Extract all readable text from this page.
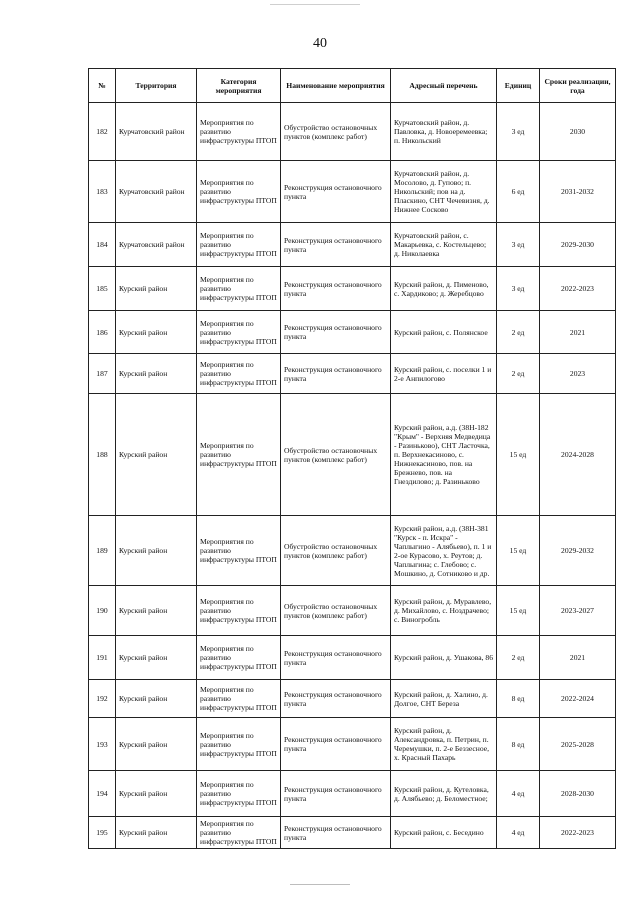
40
№	Территория	Категория мероприятия	Наименование мероприятия	Адресный перечень	Единиц	Сроки реализации, года
182	Курчатовский район	Мероприятия по развитию инфраструктуры ПТОП	Обустройство остановочных пунктов (комплекс работ)	Курчатовский район, д. Павловка, д. Новоеремеевка; п. Никольский	3 ед	2030
183	Курчатовский район	Мероприятия по развитию инфраструктуры ПТОП	Реконструкция остановочного пункта	Курчатовский район, д. Мосолово, д. Гупово; п. Никольский; пов на д. Пласкино, СНТ Чечевизня, д. Нижнее Сосково	6 ед	2031-2032
184	Курчатовский район	Мероприятия по развитию инфраструктуры ПТОП	Реконструкция остановочного пункта	Курчатовский район, с. Макарьевка, с. Костельцево; д. Николаевка	3 ед	2029-2030
185	Курский район	Мероприятия по развитию инфраструктуры ПТОП	Реконструкция остановочного пункта	Курский район, д. Пименово, с. Хардиково; д. Жеребцово	3 ед	2022-2023
186	Курский район	Мероприятия по развитию инфраструктуры ПТОП	Реконструкция остановочного пункта	Курский район, с. Полянское	2 ед	2021
187	Курский район	Мероприятия по развитию инфраструктуры ПТОП	Реконструкция остановочного пункта	Курский район, с. поселки 1 и 2-е Анпилогово	2 ед	2023
188	Курский район	Мероприятия по развитию инфраструктуры ПТОП	Обустройство остановочных пунктов (комплекс работ)	Курский район, а.д. (38Н-182 "Крым" - Верхняя Медведица - Разиньково), СНТ Ласточка, п. Верхнекасиново, с. Нижнекасиново, пов. на Брежнево, пов. на Гнездилово; д. Разиньково	15 ед	2024-2028
189	Курский район	Мероприятия по развитию инфраструктуры ПТОП	Обустройство остановочных пунктов (комплекс работ)	Курский район, а.д. (38Н-381 "Курск - п. Искра" - Чаплыгино - Алябьево), п. 1 и 2-ое Курасово, х. Реутов; д. Чаплыгина; с. Глебово; с. Мошкино, д. Сотниково и др.	15 ед	2029-2032
190	Курский район	Мероприятия по развитию инфраструктуры ПТОП	Обустройство остановочных пунктов (комплекс работ)	Курский район, д. Муравлево, д. Михайлово, с. Ноздрачево; с. Виногробль	15 ед	2023-2027
191	Курский район	Мероприятия по развитию инфраструктуры ПТОП	Реконструкция остановочного пункта	Курский район, д. Ушакова, 86	2 ед	2021
192	Курский район	Мероприятия по развитию инфраструктуры ПТОП	Реконструкция остановочного пункта	Курский район, д. Халино, д. Долгое, СНТ Береза	8 ед	2022-2024
193	Курский район	Мероприятия по развитию инфраструктуры ПТОП	Реконструкция остановочного пункта	Курский район, д. Александровка, п. Петрин, п. Черемушки, п. 2-е Беззесное, х. Красный Пахарь	8 ед	2025-2028
194	Курский район	Мероприятия по развитию инфраструктуры ПТОП	Реконструкция остановочного пункта	Курский район, д. Кутеловка, д. Алябьево; д. Беломестное;	4 ед	2028-2030
195	Курский район	Мероприятия по развитию инфраструктуры ПТОП	Реконструкция остановочного пункта	Курский район, с. Беседино	4 ед	2022-2023
